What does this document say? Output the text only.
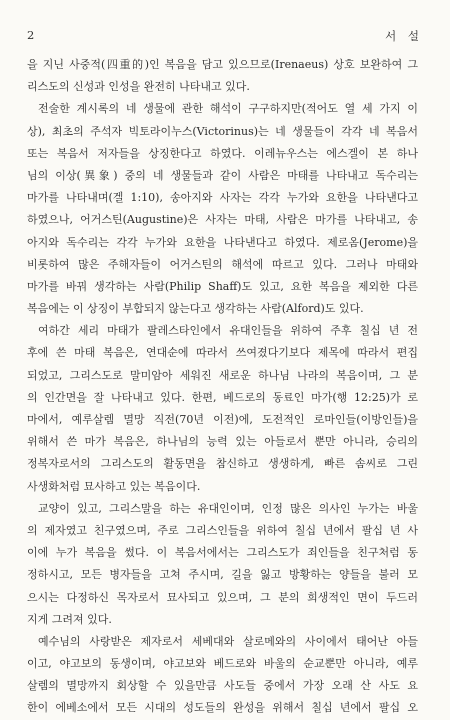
2	서 설
을 지닌 사중적(四重的)인 복음을 담고 있으므로(Irenaeus) 상호 보완하여 그
리스도의 신성과 인성을 완전히 나타내고 있다.
전술한 계시록의 네 생물에 관한 해석이 구구하지만(적어도 열 세 가지 이
상), 최초의 주석자 빅토라이누스(Victorinus)는 네 생물들이 각각 네 복음서
또는 복음서 저자들을 상징한다고 하였다. 이레뉴우스는 에스겔이 본 하나
님의 이상(異象) 중의 네 생물들과 같이 사람은 마태를 나타내고 독수리는
마가를 나타내며(겔 1:10), 송아지와 사자는 각각 누가와 요한을 나타낸다고
하였으나, 어거스틴(Augustine)은 사자는 마태, 사람은 마가를 나타내고, 송
아지와 독수리는 각각 누가와 요한을 나타낸다고 하였다. 제로옴(Jerome)을
비롯하여 많은 주해자들이 어거스틴의 해석에 따르고 있다. 그러나 마태와
마가를 바꿔 생각하는 사람(Philip Shaff)도 있고, 요한 복음을 제외한 다른
복음에는 이 상징이 부합되지 않는다고 생각하는 사람(Alford)도 있다.
여하간 세리 마태가 팔레스타인에서 유대인들을 위하여 주후 칠십 년 전
후에 쓴 마태 복음은, 연대순에 따라서 쓰여졌다기보다 제목에 따라서 편집
되었고, 그리스도로 말미암아 세워진 새로운 하나님 나라의 복음이며, 그 분
의 인간면을 잘 나타내고 있다. 한편, 베드로의 동료인 마가(행 12:25)가 로
마에서, 예루살렘 멸망 직전(70년 이전)에, 도전적인 로마인들(이방인들)을
위해서 쓴 마가 복음은, 하나님의 능력 있는 아들로서 뿐만 아니라, 승리의
정복자로서의 그리스도의 활동면을 참신하고 생생하게, 빠른 솜씨로 그린
사생화처럼 묘사하고 있는 복음이다.
교양이 있고, 그리스말을 하는 유대인이며, 인정 많은 의사인 누가는 바울
의 제자였고 친구였으며, 주로 그리스인들을 위하여 칠십 년에서 팔십 년 사
이에 누가 복음을 썼다. 이 복음서에서는 그리스도가 죄인들을 친구처럼 동
정하시고, 모든 병자들을 고쳐 주시며, 길을 잃고 방황하는 양들을 불러 모
으시는 다정하신 목자로서 묘사되고 있으며, 그 분의 희생적인 면이 두드러
지게 그려져 있다.
예수님의 사랑받은 제자로서 세베대와 살로메와의 사이에서 태어난 아들
이고, 야고보의 동생이며, 야고보와 베드로와 바울의 순교뿐만 아니라, 예루
살렘의 멸망까지 회상할 수 있을만큼 사도들 중에서 가장 오래 산 사도 요
한이 에베소에서 모든 시대의 성도들의 완성을 위해서 칠십 년에서 팔십 오
